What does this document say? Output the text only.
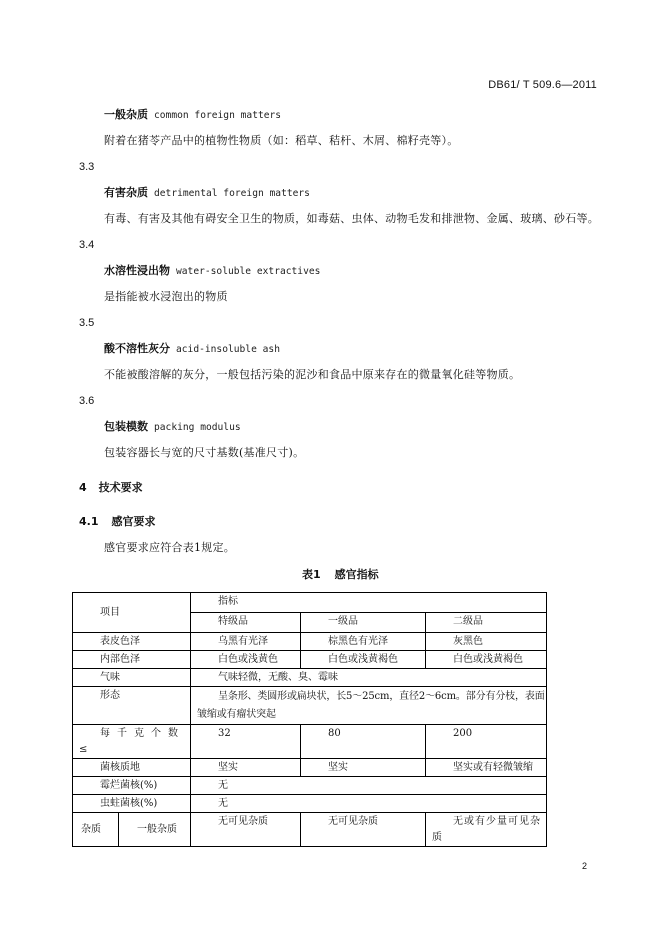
DB61/ T 509.6—2011
一般杂质 common foreign matters
附着在猪苓产品中的植物性物质（如：稻草、秸杆、木屑、棉籽壳等）。
3.3
有害杂质 detrimental foreign matters
有毒、有害及其他有碍安全卫生的物质，如毒菇、虫体、动物毛发和排泄物、金属、玻璃、砂石等。
3.4
水溶性浸出物 water-soluble extractives
是指能被水浸泡出的物质
3.5
酸不溶性灰分 acid-insoluble ash
不能被酸溶解的灰分，一般包括污染的泥沙和食品中原来存在的微量氧化硅等物质。
3.6
包装模数 packing modulus
包装容器长与宽的尺寸基数(基准尺寸)。
4 技术要求
4.1 感官要求
感官要求应符合表1规定。
表1 感官指标
项目		指标		
		特级品	一级品	二级品
表皮色泽		乌黑有光泽	棕黑色有光泽	灰黑色
内部色泽		白色或浅黄色	白色或浅黄褐色	白色或浅黄褐色
气味		气味轻微，无酸、臭、霉味		
形态		呈条形、类圆形或扁块状，长5～25cm，直径2～6cm。部分有分枝，表面皱缩或有瘤状突起		
每千克个数≤		32	80	200
菌核质地		坚实	坚实	坚实或有轻微皱缩
霉烂菌核(%)		无		
虫蛀菌核(%)		无		
杂质	一般杂质	无可见杂质	无可见杂质	无或有少量可见杂质
2
